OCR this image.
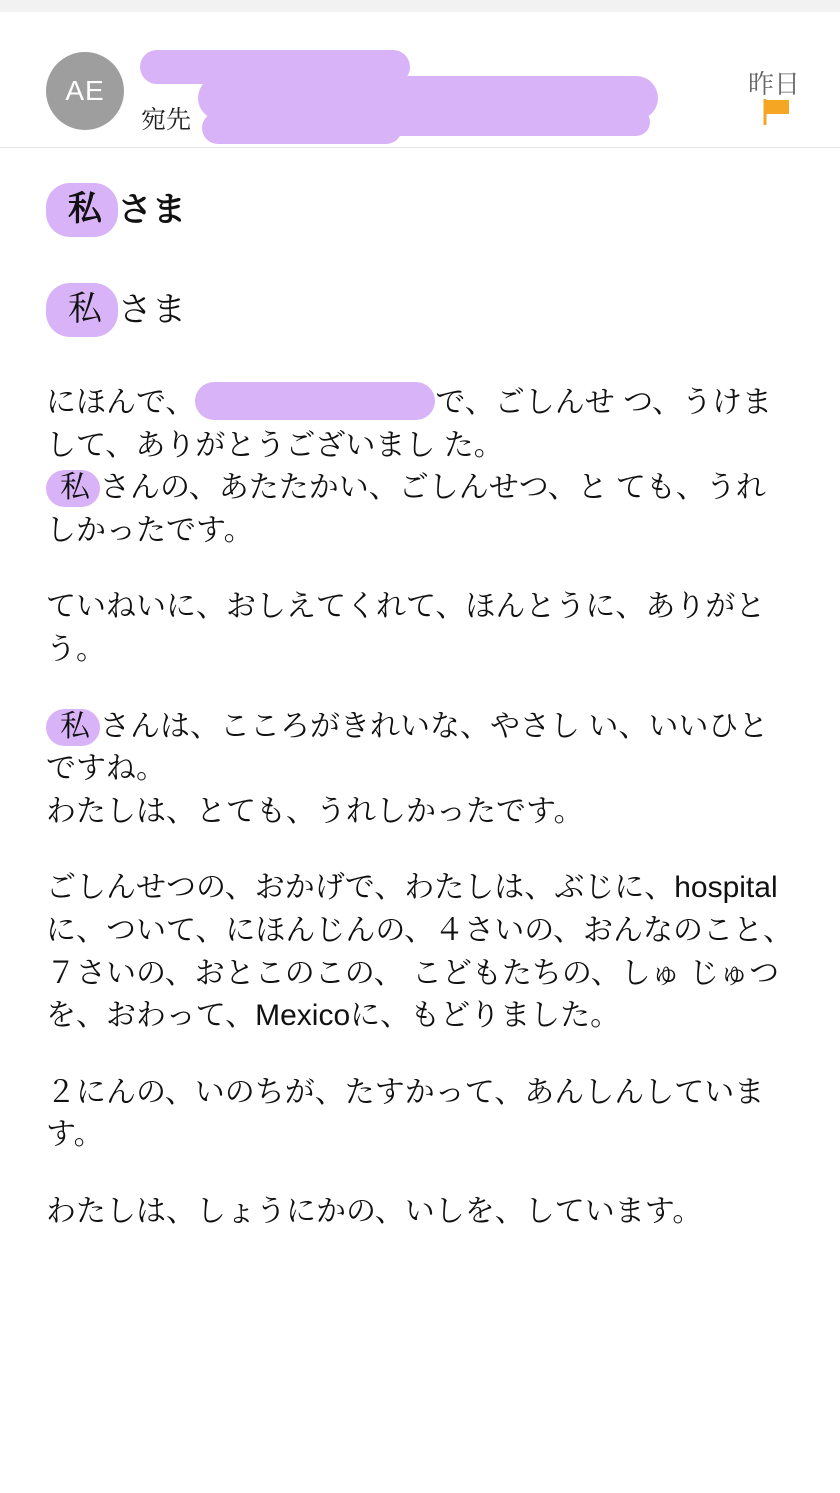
AE
宛先
昨日
私 さま
私 さま

にほんで、	で、ごしんせ つ、うけまして、ありがとうございまし た。

私 さんの、あたたかい、ごしんせつ、と ても、うれしかったです。

ていねいに、おしえてくれて、ほんとうに、ありがとう。

私 さんは、こころがきれいな、やさし い、いいひとですね。

わたしは、とても、うれしかったです。

ごしんせつの、おかげで、わたしは、ぶじに、hospitalに、ついて、にほんじんの、４さいの、おんなのこと、７さいの、おとこのこの、 こどもたちの、しゅ じゅつを、おわって、Mexicoに、もどりました。

２にんの、いのちが、たすかって、あんしんしています。

わたしは、しょうにかの、いしを、しています。
